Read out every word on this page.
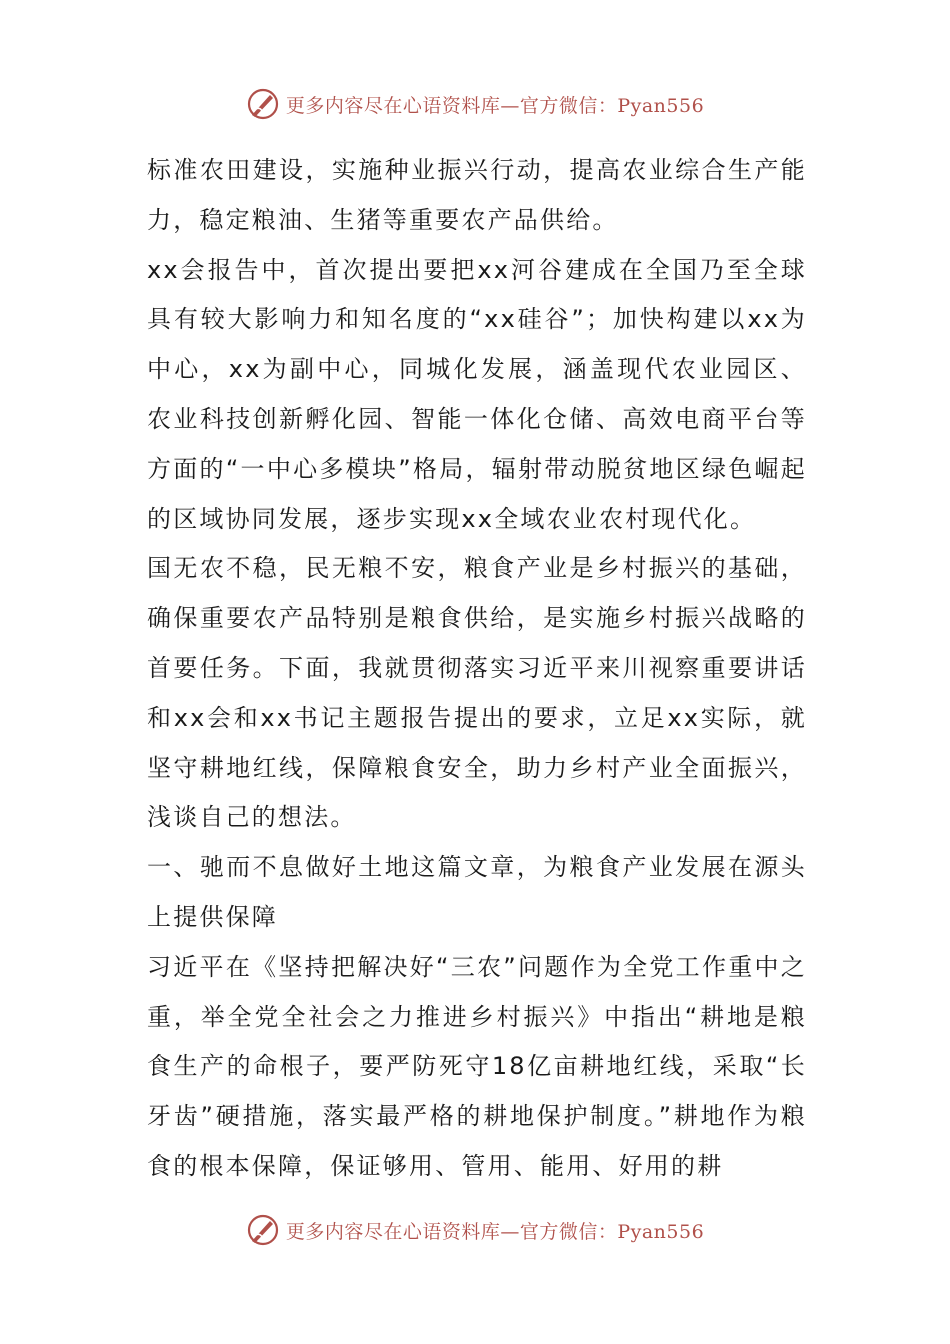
更多内容尽在心语资料库—官方微信：Pyan556

标准农田建设，实施种业振兴行动，提高农业综合生产能力，稳定粮油、生猪等重要农产品供给。

xx会报告中，首次提出要把xx河谷建成在全国乃至全球具有较大影响力和知名度的“xx硅谷”；加快构建以xx为中心，xx为副中心，同城化发展，涵盖现代农业园区、农业科技创新孵化园、智能一体化仓储、高效电商平台等方面的“一中心多模块”格局，辐射带动脱贫地区绿色崛起的区域协同发展，逐步实现xx全域农业农村现代化。

国无农不稳，民无粮不安，粮食产业是乡村振兴的基础，确保重要农产品特别是粮食供给，是实施乡村振兴战略的首要任务。下面，我就贯彻落实习近平来川视察重要讲话和xx会和xx书记主题报告提出的要求，立足xx实际，就坚守耕地红线，保障粮食安全，助力乡村产业全面振兴，浅谈自己的想法。

一、驰而不息做好土地这篇文章，为粮食产业发展在源头上提供保障

习近平在《坚持把解决好“三农”问题作为全党工作重中之重，举全党全社会之力推进乡村振兴》中指出“耕地是粮食生产的命根子，要严防死守18亿亩耕地红线，采取“长牙齿”硬措施，落实最严格的耕地保护制度。”耕地作为粮食的根本保障，保证够用、管用、能用、好用的耕

更多内容尽在心语资料库—官方微信：Pyan556
